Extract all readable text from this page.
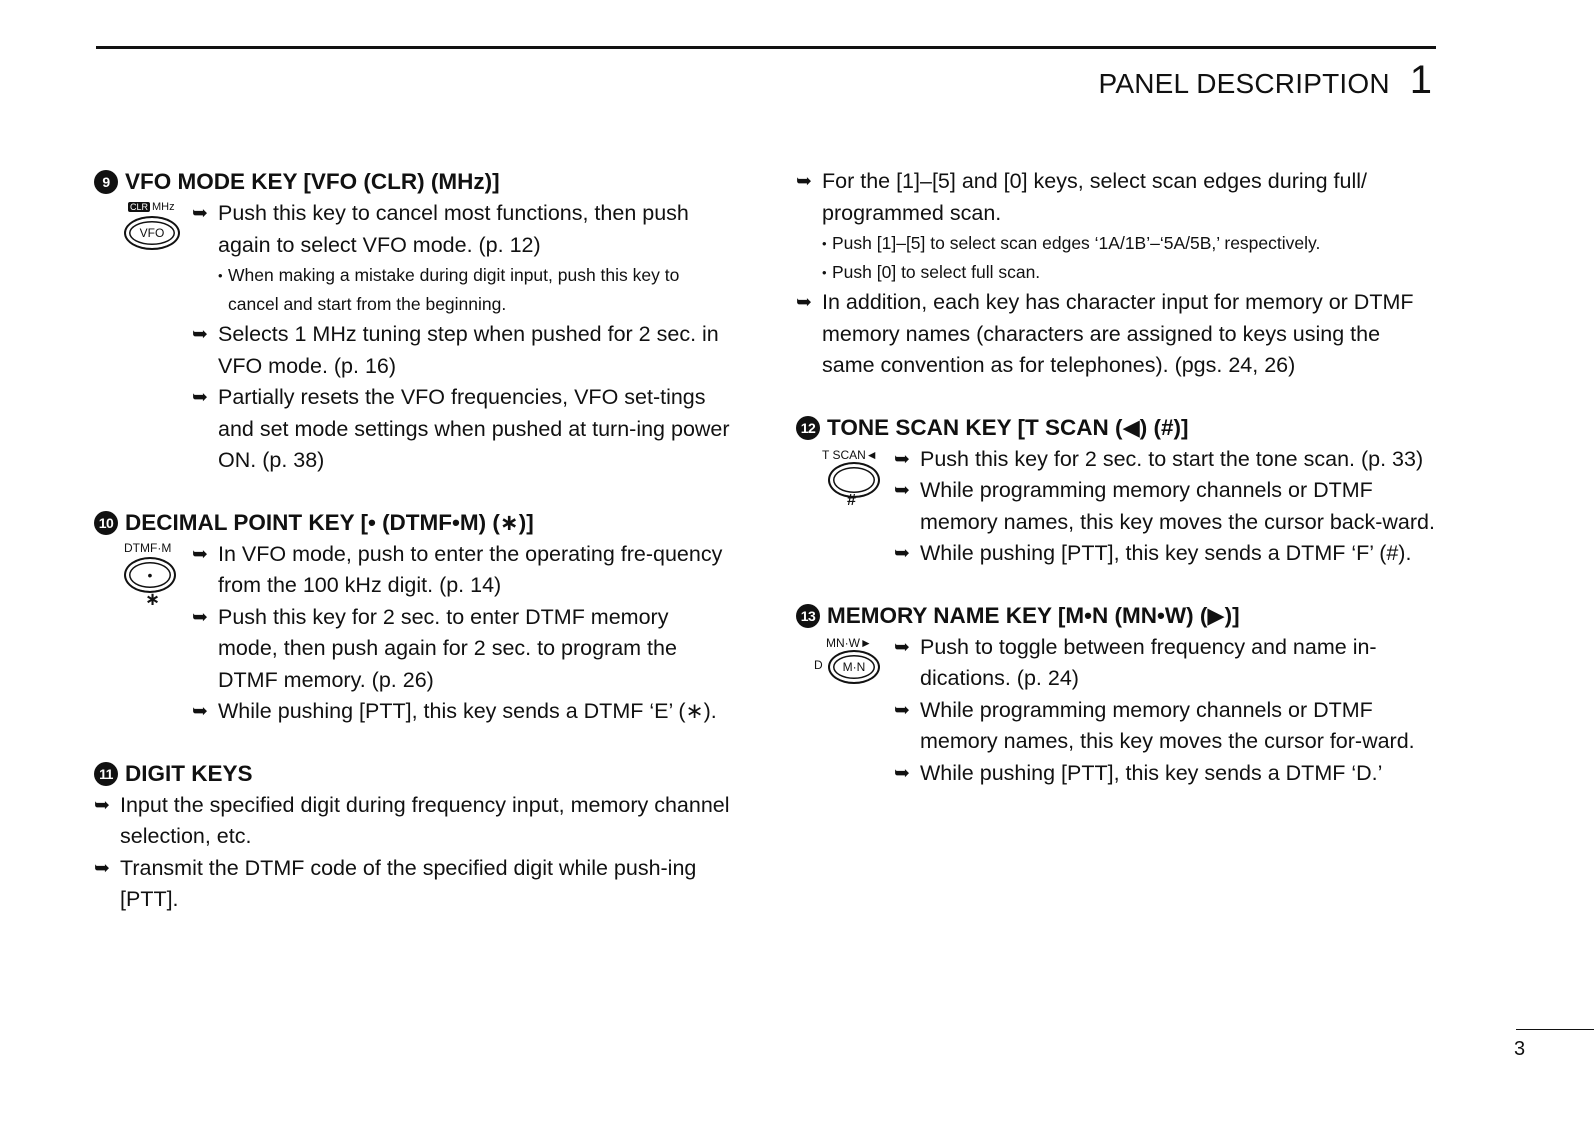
PANEL DESCRIPTION 1
9 VFO MODE KEY [VFO (CLR) (MHz)]
CLR MHz
VFO
➥ Push this key to cancel most functions, then push again to select VFO mode. (p. 12)
• When making a mistake during digit input, push this key to cancel and start from the beginning.
➥ Selects 1 MHz tuning step when pushed for 2 sec. in VFO mode. (p. 16)
➥ Partially resets the VFO frequencies, VFO set-tings and set mode settings when pushed at turn-ing power ON. (p. 38)
10 DECIMAL POINT KEY [• (DTMF•M) (∗)]
DTMF·M
•
∗
➥ In VFO mode, push to enter the operating fre-quency from the 100 kHz digit. (p. 14)
➥ Push this key for 2 sec. to enter DTMF memory mode, then push again for 2 sec. to program the DTMF memory. (p. 26)
➥ While pushing [PTT], this key sends a DTMF ‘E’ (∗).
11 DIGIT KEYS
➥ Input the specified digit during frequency input, memory channel selection, etc.
➥ Transmit the DTMF code of the specified digit while push-ing [PTT].
➥ For the [1]–[5] and [0] keys, select scan edges during full/ programmed scan.
• Push [1]–[5] to select scan edges ‘1A/1B’–‘5A/5B,’ respectively.
• Push [0] to select full scan.
➥ In addition, each key has character input for memory or DTMF memory names (characters are assigned to keys using the same convention as for telephones). (pgs. 24, 26)
12 TONE SCAN KEY [T SCAN (◀) (#)]
T SCAN◄
#
➥ Push this key for 2 sec. to start the tone scan. (p. 33)
➥ While programming memory channels or DTMF memory names, this key moves the cursor back-ward.
➥ While pushing [PTT], this key sends a DTMF ‘F’ (#).
13 MEMORY NAME KEY [M•N (MN•W) (▶)]
MN·W►
D M·N
➥ Push to toggle between frequency and name in-dications. (p. 24)
➥ While programming memory channels or DTMF memory names, this key moves the cursor for-ward.
➥ While pushing [PTT], this key sends a DTMF ‘D.’
3
